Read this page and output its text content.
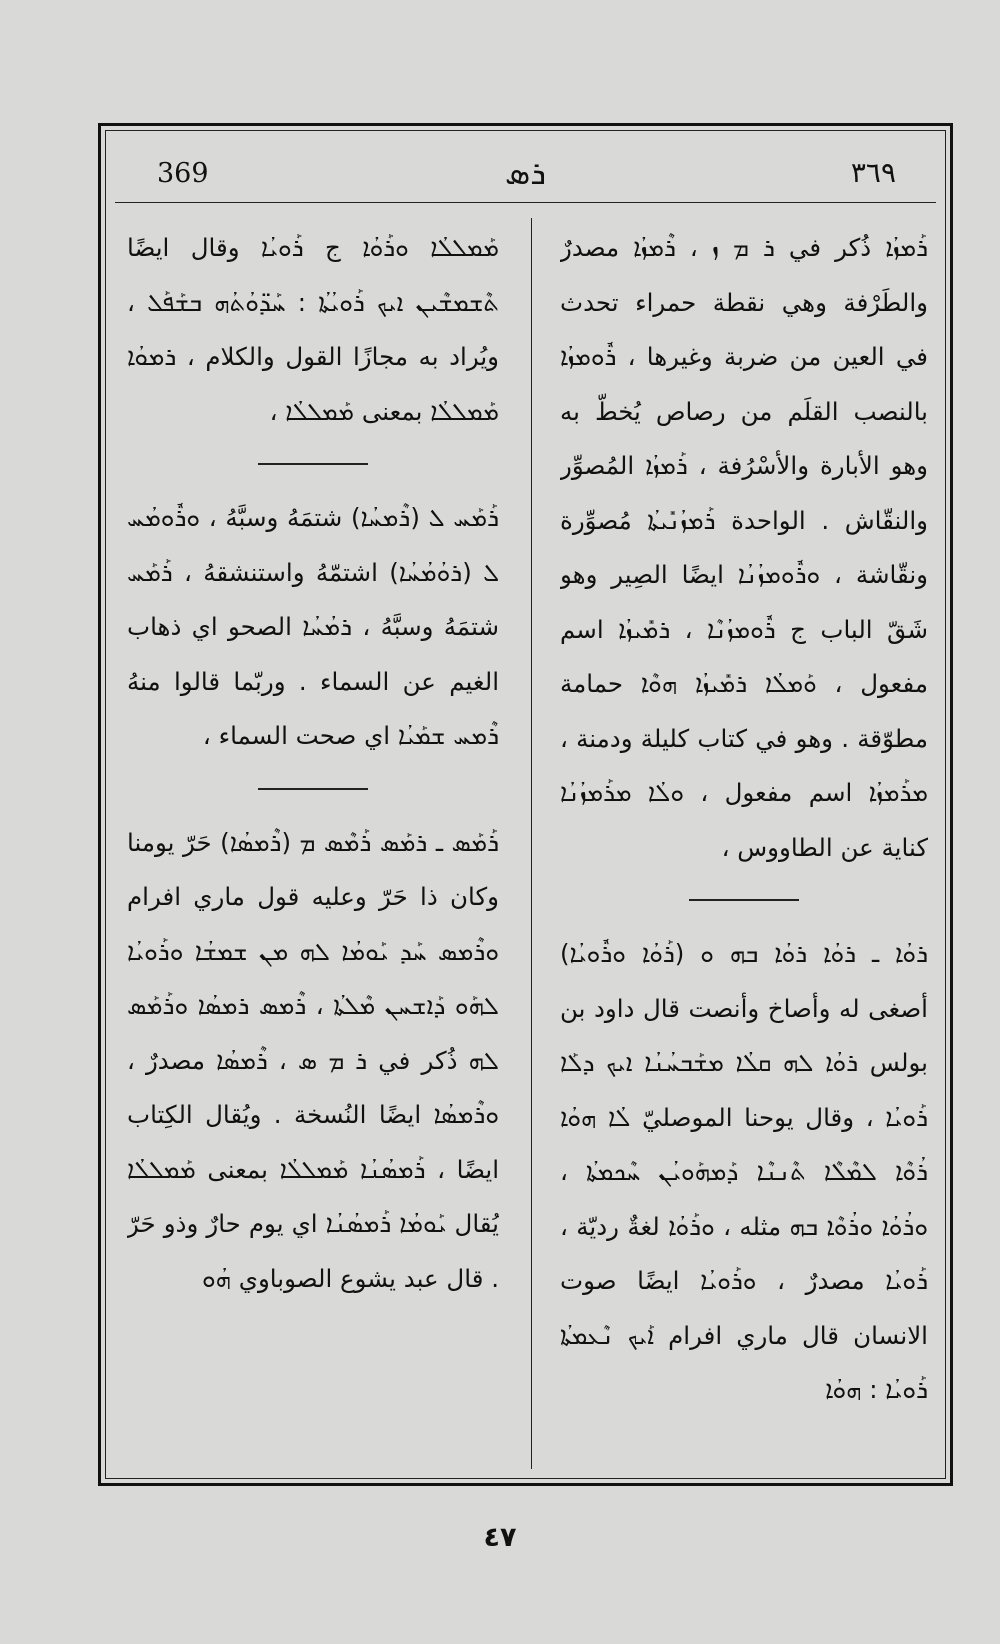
369	ܪܣ	٣٦٩

ܪܰܡܙܳܐ ذُكر في ܪ ܡ ܙ ، ܪܶܡܙܳܐ مصدرٌ والطَرْفة وهي نقطة حمراء تحدث في العين من ضربة وغيرها ، ܪܽܘܡܙܳܐ بالنصب القلَم من رصاص يُخطّ به وهو الأبارة والأسْرُفة ، ܪܰܡܙܳܐ المُصوِّر والنقّاش . الواحدة ܪܰܡܙܳܢܺܝܬܳܐ مُصوِّرة ونقّاشة ، ܘܪܽܘܡܙܳܢܳܐ ايضًا الصِير وهو شَقّ الباب ج ܪܽܘܡܙܳܢܶܐ ، ܪܡܺܝܙܳܐ اسم مفعول ، ܘܰܡܠܳܐ ܪܡܺܝܙܳܐ ܗܘܶܐ حمامة مطوّقة . وهو في كتاب كليلة ودمنة ، ܡܪܰܡܙܳܐ اسم مفعول ، ܘܠܳܐ ܡܪܰܡܙܳܢܳܐ كناية عن الطاووس ،

ܪܘܳܐ ـ ܪܘܳܐ ܪܘܳܐ ܒܗ ܘ (ܪܰܘܳܐ ܘܪܽܘܝܳܐ) أصغى له وأصاخ وأنصت قال داود بن بولس ܪܘܳܐ ܠܗ ܩܠܳܐ ܡܫܰܒܚܳܢܳܐ ܐܝܟ ܕܠܰܐ ܪܰܘܝܳܐ ، وقال يوحنا الموصليّ ܠܳܐ ܗܘܳܐ ܪܳܘܶܐ ܠܡܶܠܶܐ ܬܶܢܢܶܐ ܕܰܡܗܰܘܝܳܢ ܚܶܟܡܬܳܐ ، ܘܪܳܘܳܐ ܘܪܳܘܶܐ ܒܗ مثله ، ܘܪܰܘܳܐ لغةٌ رديّة ، ܪܰܘܝܳܐ مصدرٌ ، ܘܪܰܘܝܳܐ ايضًا صوت الانسان قال ماري افرام ܐܰܝܟ ܢܶܥܡܬܳܐ ܪܰܘܝܳܐ : ܗܘܳܐ

ܡܰܡܠܠܳܐ ܘܪܰܘܳܐ ج ܪܰܘܝܳܐ وقال ايضًا ܬܶܫܡܫܶܝܢ ܐܝܟ ܪܰܘܝܳܬܳܐ : ܚܰܕ̈ܘܳܬܳܗ ܒܫܰܦܰܠ ، ويُراد به مجازًا القول والكلام ، ܪܡܘܳܐ ܡܰܡܠܠܳܐ بمعنى ܡܰܡܠܠܳܐ ،

ܪܰܡܰܚ ܠ (ܪܶܡܚܳܐ) شتمَهُ وسبَّهُ ، ܘܪܽܘܡܳܚ ܠ (ܪܘܳܡܳܚܳܐ) اشتمّهُ واستنشقهُ ، ܪܰܡܰܚ شتمَهُ وسبَّهُ ، ܪܡܳܚܳܐ الصحو اي ذهاب الغيم عن السماء . وربّما قالوا منهُ ܪܶܡܚ ܫܡܰܝܳܐ اي صحت السماء ،

ܪܰܡܰܣ ـ ܪܡܰܣ ܪܰܡܶܣ ܡ (ܪܶܡܣܳܐ) حَرّ يومنا وكان ذا حَرّ وعليه قول ماري افرام ܘܪܶܡܣ ܚܰܕ ܝܰܘܡܳܐ ܠܗ ܡܢ ܫܡܫܳܐ ܘܪܰܘܝܳܐ ܠܗܰܘ ܕܰܐܫܚܢ ܡܶܠܬܳܐ ، ܪܶܡܣ ܪܡܣܳܐ ܘܪܰܡܰܣ ܠܗ ذُكر في ܪ ܡ ܣ ، ܪܶܡܣܳܐ مصدرٌ ، ܘܪܶܡܣܳܐ ايضًا النُسخة . ويُقال الكِتاب ايضًا ، ܪܰܡܣܳܢܳܐ ܡܰܡܠܠܳܐ بمعنى ܡܰܡܠܠܳܐ يُقال ܝܰܘܡܳܐ ܪܰܡܣܳܢܳܐ اي يوم حارٌ وذو حَرّ . قال عبد يشوع الصوباوي ܗܳܘ

٤٧
